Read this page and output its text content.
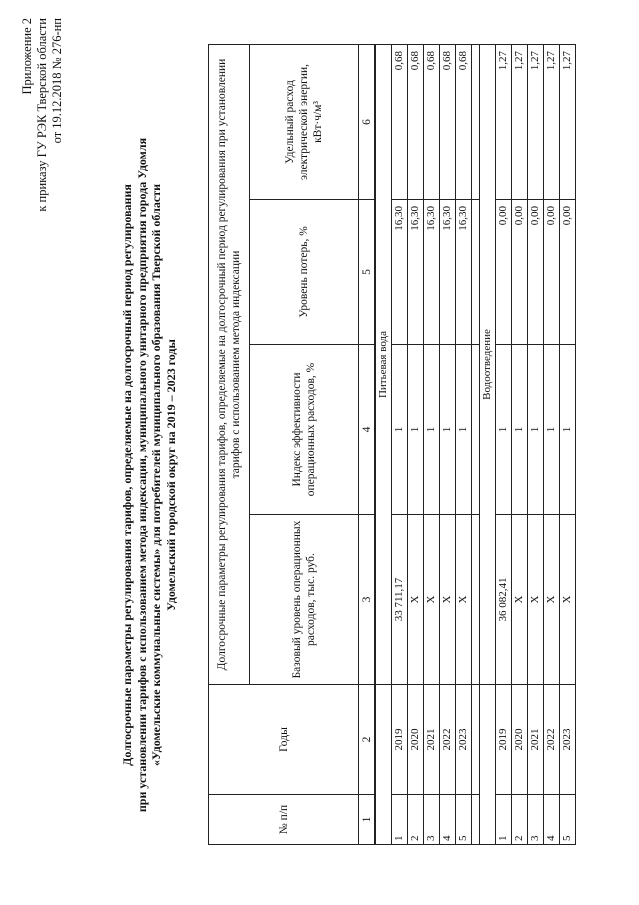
Приложение 2 к приказу ГУ РЭК Тверской области от 19.12.2018 № 276-нп
Долгосрочные параметры регулирования тарифов, определяемые на долгосрочный период регулирования при установлении тарифов с использованием метода индексации, муниципального унитарного предприятия города Удомля «Удомельские коммунальные системы» для потребителей муниципального образования Тверской области Удомельский городской округ на 2019 – 2023 годы
№ п/п	Годы	Долгосрочные параметры регулирования тарифов, определяемые на долгосрочный период регулирования при установлении тарифов с использованием метода индексации			
		Базовый уровень операционных расходов, тыс. руб.	Индекс эффективности операционных расходов, %	Уровень потерь, %	Удельный расход электрической энергии, кВт·ч/м³
1	2	3	4	5	6
		Питьевая вода			
1	2019	33 711,17	1	16,30	0,68
2	2020	Х	1	16,30	0,68
3	2021	Х	1	16,30	0,68
4	2022	Х	1	16,30	0,68
5	2023	Х	1	16,30	0,68

		Водоотведение			
1	2019	36 082,41	1	0,00	1,27
2	2020	Х	1	0,00	1,27
3	2021	Х	1	0,00	1,27
4	2022	Х	1	0,00	1,27
5	2023	Х	1	0,00	1,27
